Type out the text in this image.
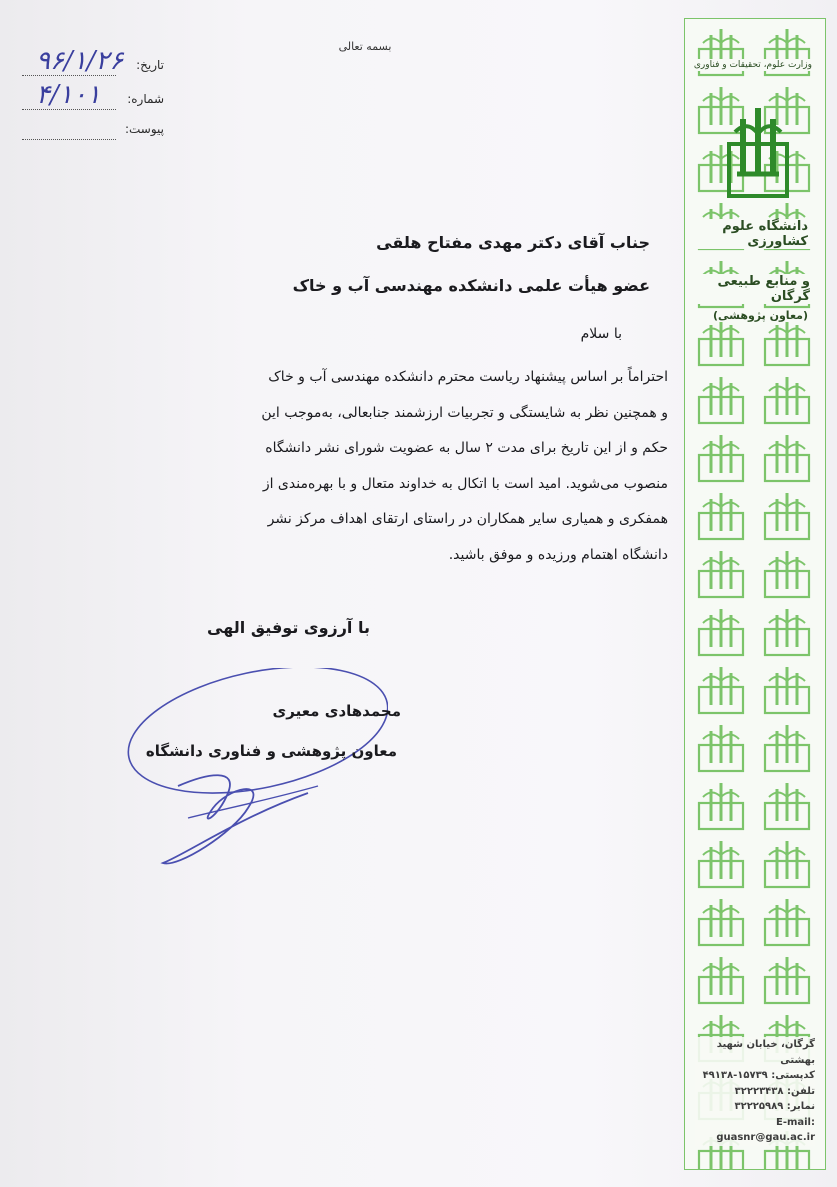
بسمه تعالی
تاریخ:
۹۶/۱/۲۶
شماره:
۴/۱۰۱
پیوست:
جناب آقای دکتر مهدی مفتاح هلقی
عضو هیأت علمی دانشکده مهندسی آب و خاک
با سلام
احتراماً بر اساس پیشنهاد ریاست محترم دانشکده مهندسی آب و خاک
و همچنین نظر به شایستگی و تجربیات ارزشمند جنابعالی، به‌موجب این
حکم و از این تاریخ برای مدت ۲ سال به عضویت شورای نشر دانشگاه
منصوب می‌شوید. امید است با اتکال به خداوند متعال و با بهره‌مندی از
همفکری و همیاری سایر همکاران در راستای ارتقای اهداف مرکز نشر
دانشگاه اهتمام ورزیده و موفق باشید.
با آرزوی توفیق الهی
محمدهادی معیری
معاون پژوهشی و فناوری دانشگاه
وزارت علوم، تحقیقات و فناوری
دانشگاه علوم کشاورزی
و منابع طبیعی گرگان
(معاون پژوهشی)
گرگان، خیابان شهید بهشتی
کدپستی: ۱۵۷۳۹-۴۹۱۳۸
تلفن: ۳۲۲۲۳۴۳۸
نمابر: ۳۲۲۲۵۹۸۹
E-mail:
guasnr@gau.ac.ir
